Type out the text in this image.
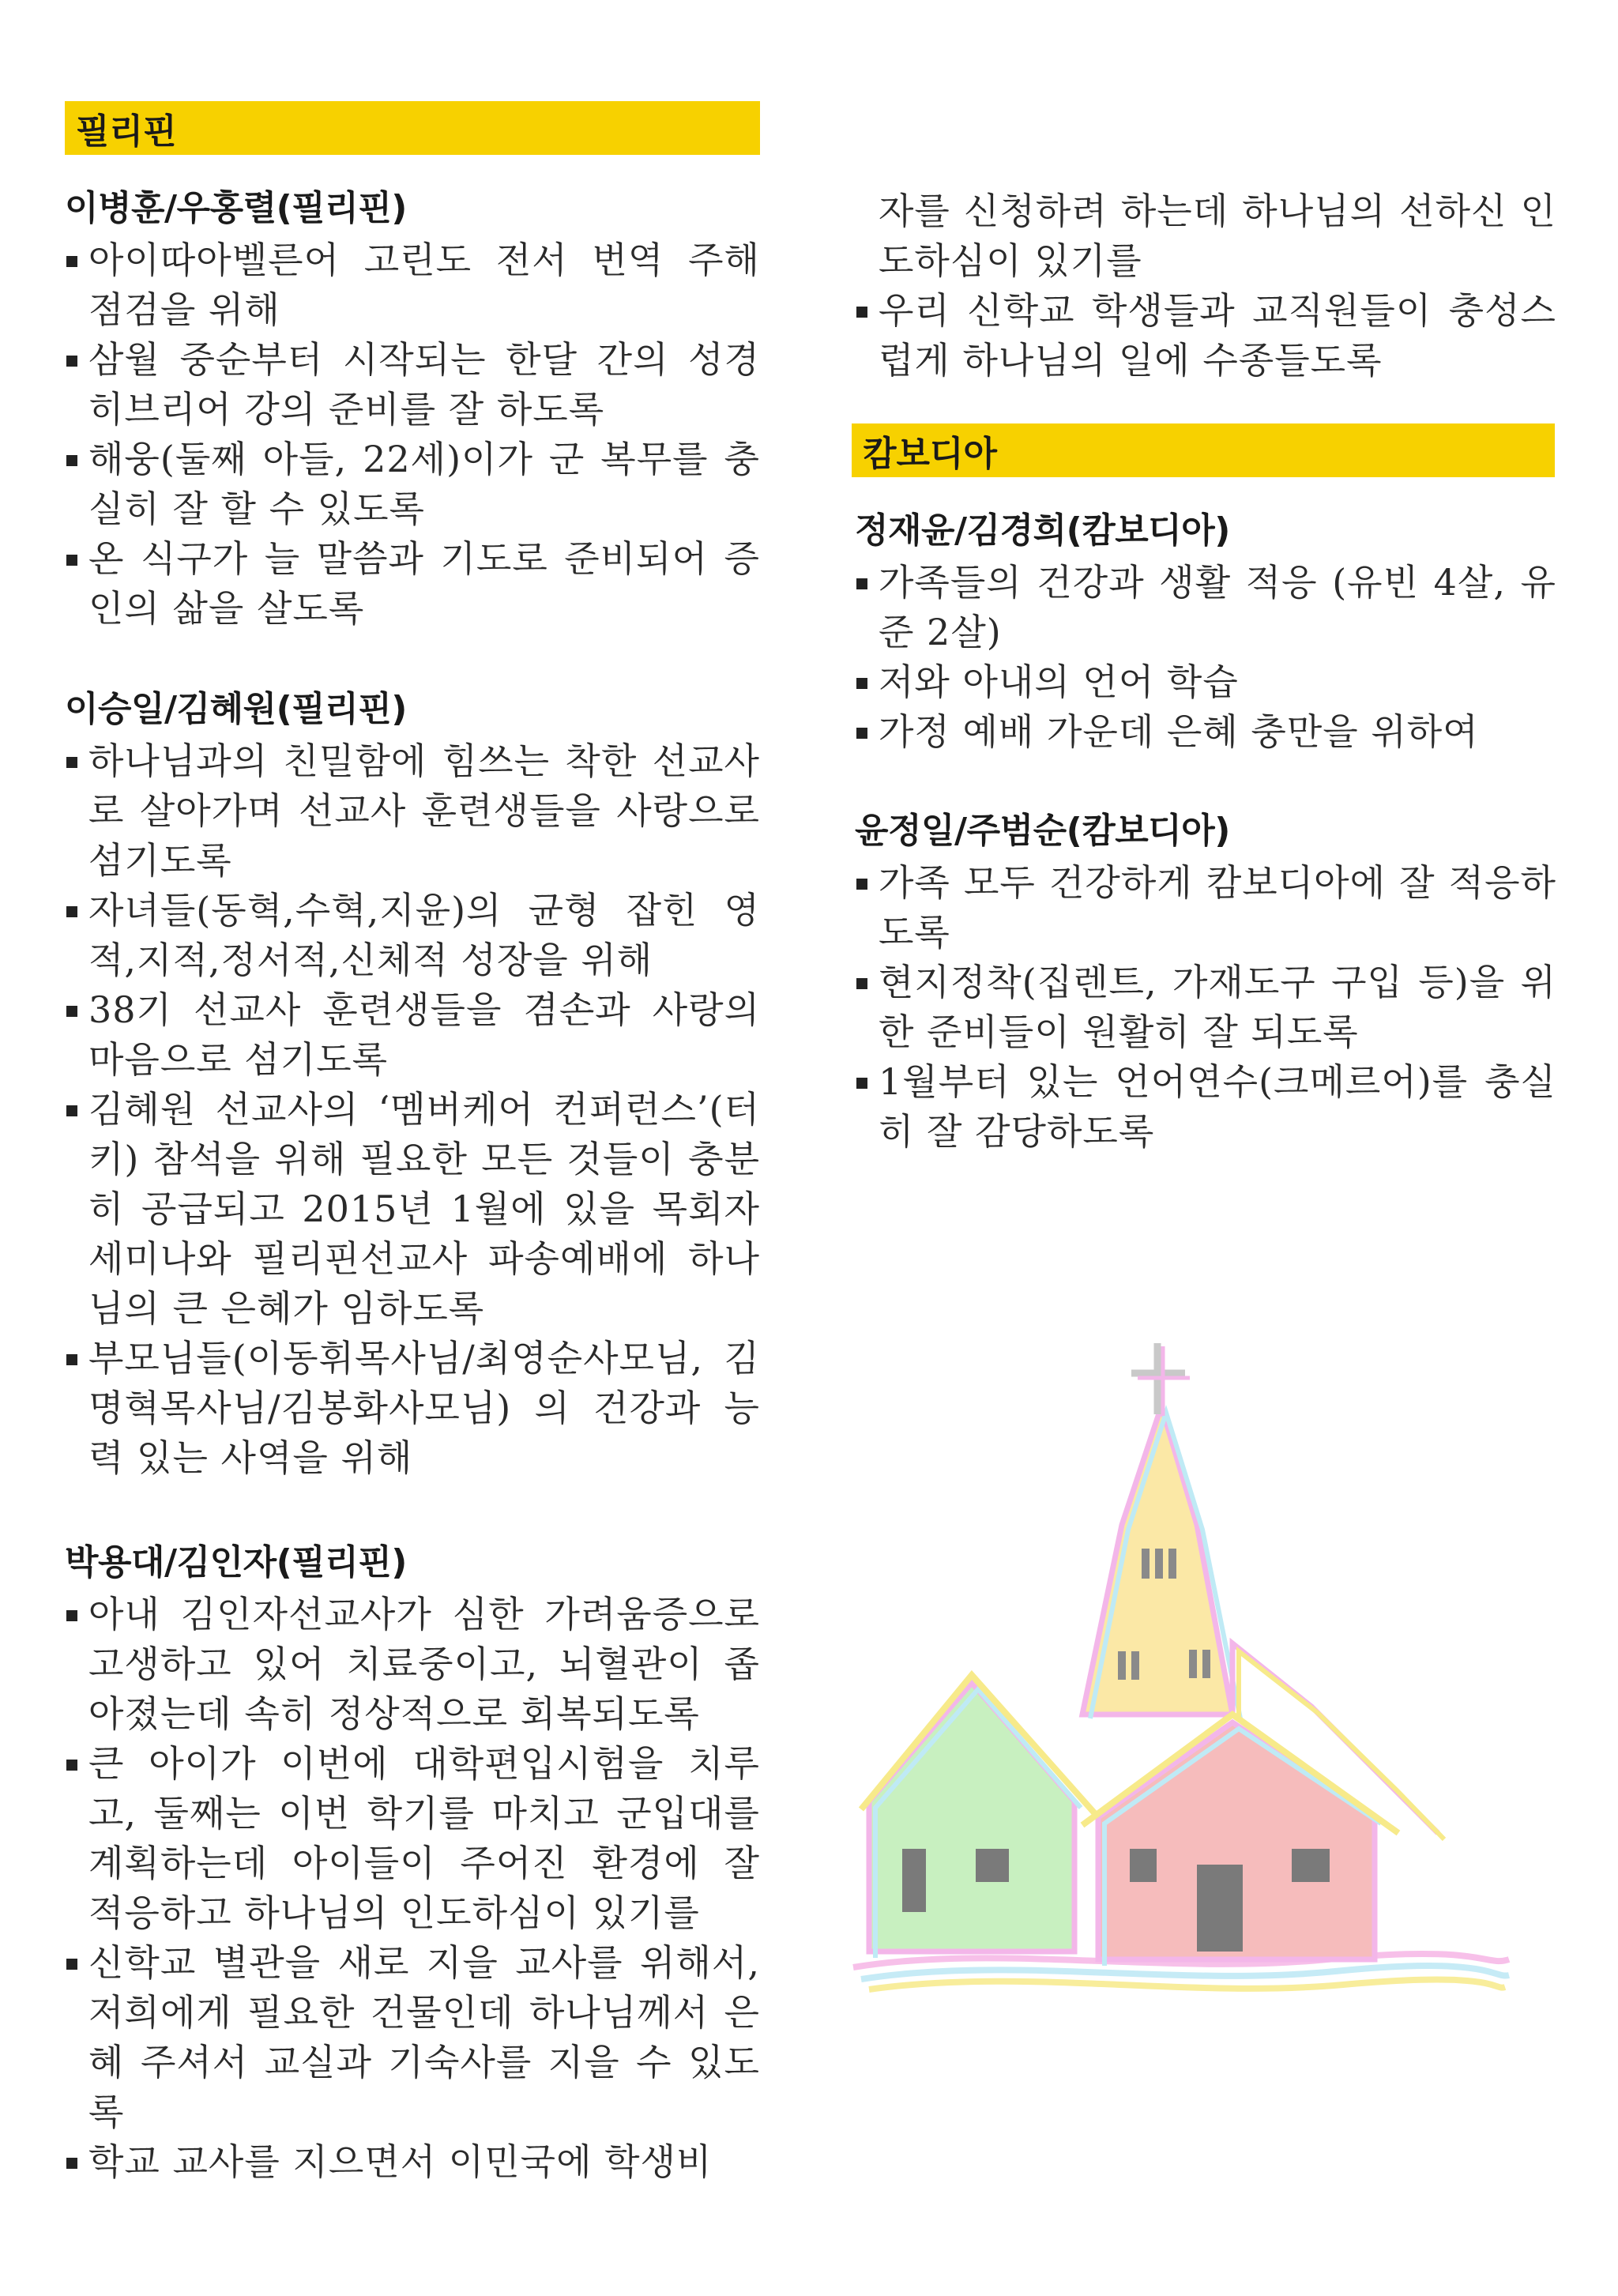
필리핀
이병훈/우홍렬(필리핀)
아이따아벨른어 고린도 전서 번역 주해 점검을 위해
삼월 중순부터 시작되는 한달 간의 성경 히브리어 강의 준비를 잘 하도록
해웅(둘째 아들, 22세)이가 군 복무를 충실히 잘 할 수 있도록
온 식구가 늘 말씀과 기도로 준비되어 증인의 삶을 살도록
이승일/김혜원(필리핀)
하나님과의 친밀함에 힘쓰는 착한 선교사로 살아가며 선교사 훈련생들을 사랑으로 섬기도록
자녀들(동혁,수혁,지윤)의 균형 잡힌 영적,지적,정서적,신체적 성장을 위해
38기 선교사 훈련생들을 겸손과 사랑의 마음으로 섬기도록
김혜원 선교사의 ‘멤버케어 컨퍼런스’(터키) 참석을 위해 필요한 모든 것들이 충분히 공급되고 2015년 1월에 있을 목회자 세미나와 필리핀선교사 파송예배에 하나님의 큰 은혜가 임하도록
부모님들(이동휘목사님/최영순사모님, 김명혁목사님/김봉화사모님) 의 건강과 능력 있는 사역을 위해
박용대/김인자(필리핀)
아내 김인자선교사가 심한 가려움증으로 고생하고 있어 치료중이고, 뇌혈관이 좁아졌는데 속히 정상적으로 회복되도록
큰 아이가 이번에 대학편입시험을 치루고, 둘째는 이번 학기를 마치고 군입대를 계획하는데 아이들이 주어진 환경에 잘 적응하고 하나님의 인도하심이 있기를
신학교 별관을 새로 지을 교사를 위해서, 저희에게 필요한 건물인데 하나님께서 은혜 주셔서 교실과 기숙사를 지을 수 있도록
학교 교사를 지으면서 이민국에 학생비
자를 신청하려 하는데 하나님의 선하신 인도하심이 있기를
우리 신학교 학생들과 교직원들이 충성스럽게 하나님의 일에 수종들도록
캄보디아
정재윤/김경희(캄보디아)
가족들의 건강과 생활 적응 (유빈 4살, 유준 2살)
저와 아내의 언어 학습
가정 예배 가운데 은혜 충만을 위하여
윤정일/주범순(캄보디아)
가족 모두 건강하게 캄보디아에 잘 적응하도록
현지정착(집렌트, 가재도구 구입 등)을 위한 준비들이 원활히 잘 되도록
1월부터 있는 언어연수(크메르어)를 충실히 잘 감당하도록
